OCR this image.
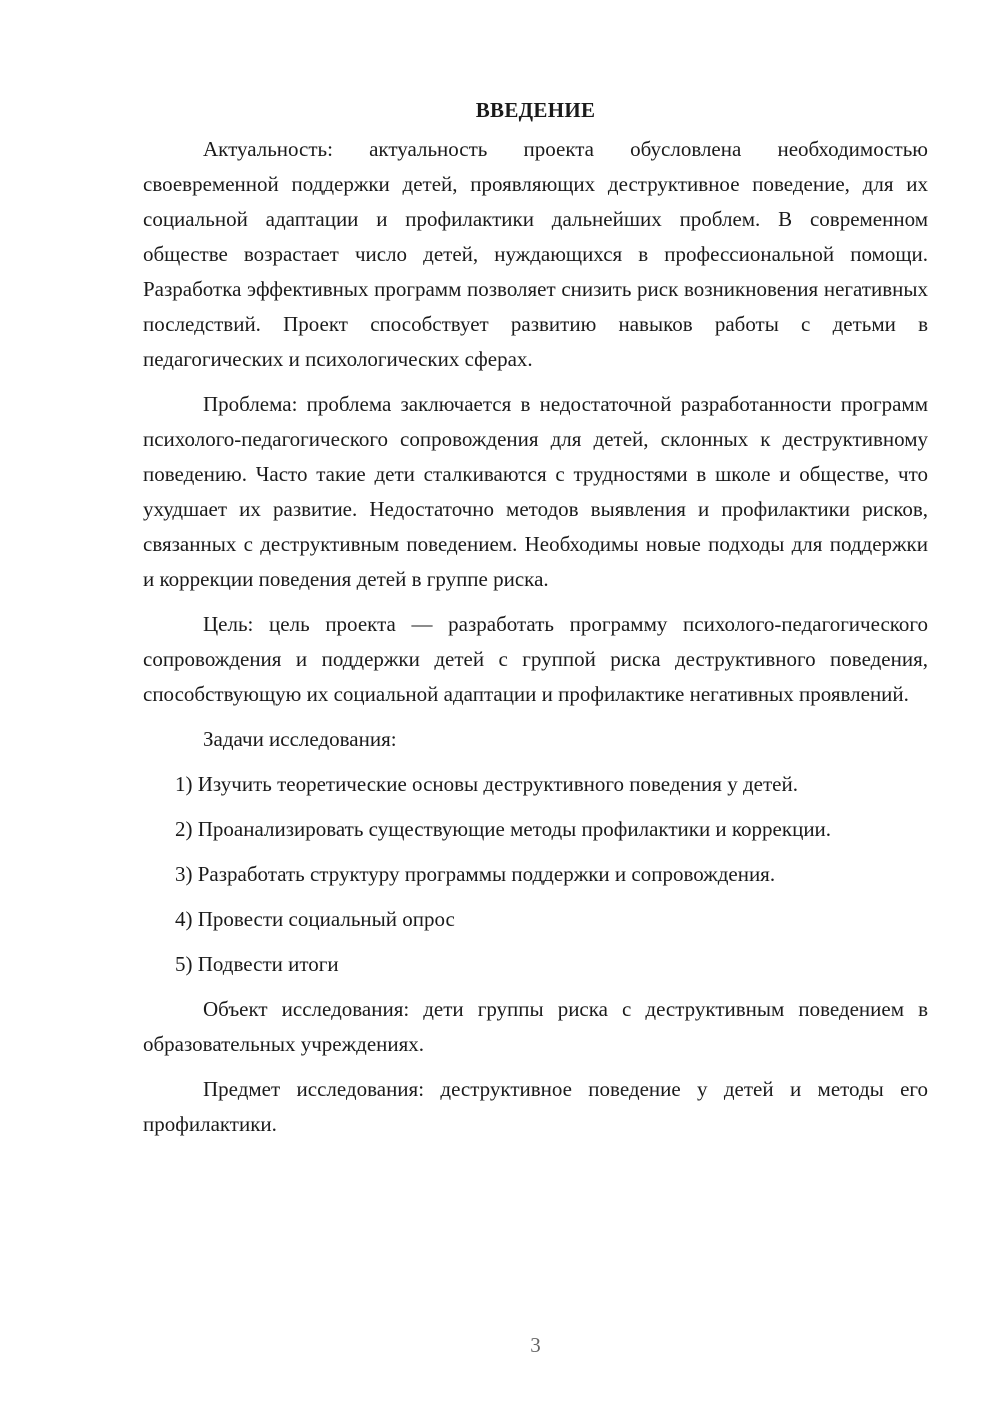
ВВЕДЕНИЕ

Актуальность: актуальность проекта обусловлена необходимостью своевременной поддержки детей, проявляющих деструктивное поведение, для их социальной адаптации и профилактики дальнейших проблем. В современном обществе возрастает число детей, нуждающихся в профессиональной помощи. Разработка эффективных программ позволяет снизить риск возникновения негативных последствий. Проект способствует развитию навыков работы с детьми в педагогических и психологических сферах.

Проблема: проблема заключается в недостаточной разработанности программ психолого-педагогического сопровождения для детей, склонных к деструктивному поведению. Часто такие дети сталкиваются с трудностями в школе и обществе, что ухудшает их развитие. Недостаточно методов выявления и профилактики рисков, связанных с деструктивным поведением. Необходимы новые подходы для поддержки и коррекции поведения детей в группе риска.

Цель: цель проекта — разработать программу психолого-педагогического сопровождения и поддержки детей с группой риска деструктивного поведения, способствующую их социальной адаптации и профилактике негативных проявлений.

Задачи исследования:

1) Изучить теоретические основы деструктивного поведения у детей.

2) Проанализировать существующие методы профилактики и коррекции.

3) Разработать структуру программы поддержки и сопровождения.

4) Провести социальный опрос

5) Подвести итоги

Объект исследования: дети группы риска с деструктивным поведением в образовательных учреждениях.

Предмет исследования: деструктивное поведение у детей и методы его профилактики.

3
